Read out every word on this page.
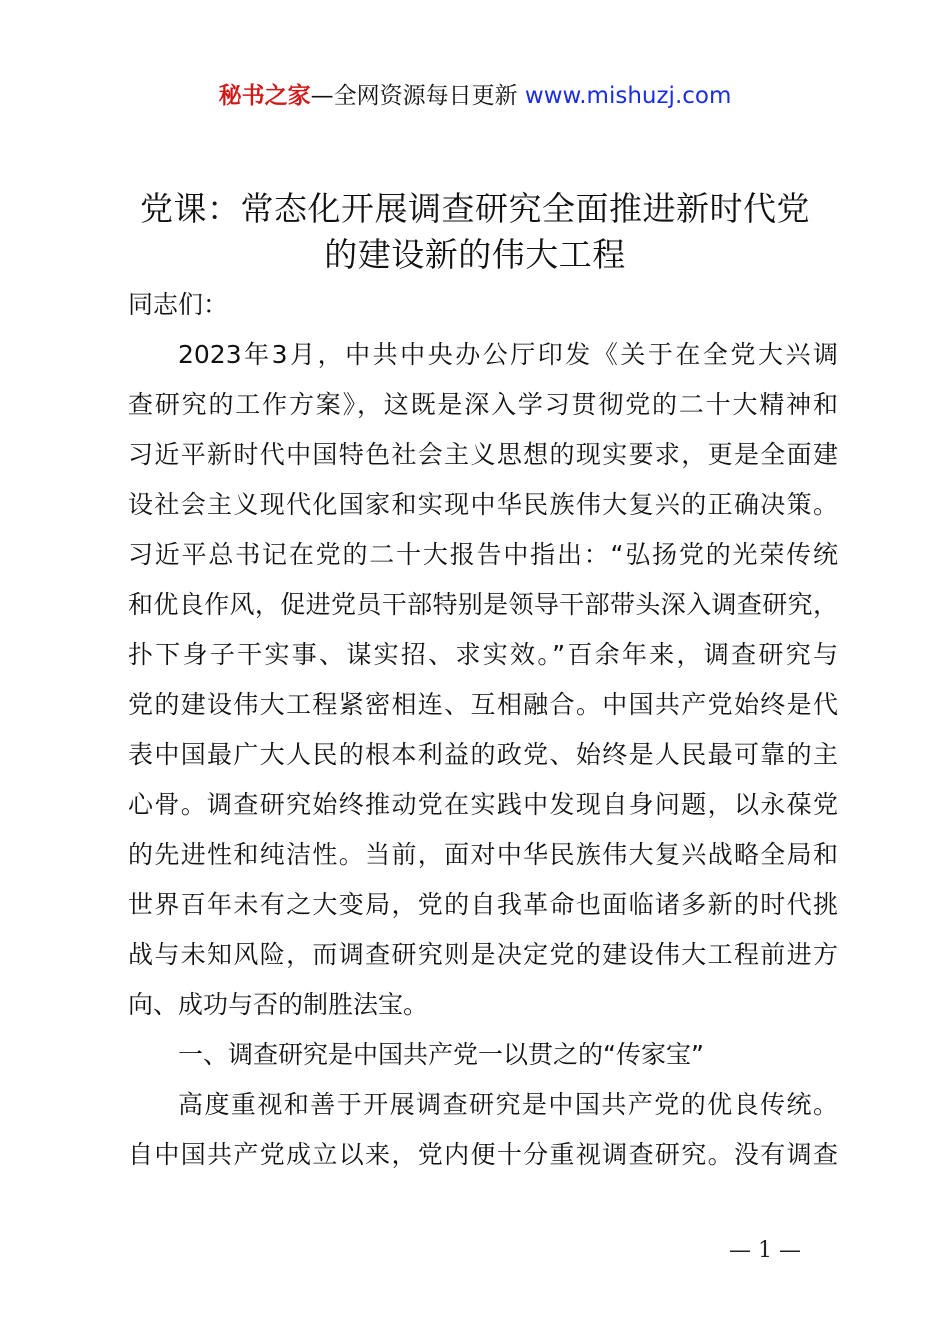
秘书之家—全网资源每日更新 www.mishuzj.com
党课：常态化开展调查研究全面推进新时代党
的建设新的伟大工程
同志们：
2023年3月，中共中央办公厅印发《关于在全党大兴调
查研究的工作方案》，这既是深入学习贯彻党的二十大精神和
习近平新时代中国特色社会主义思想的现实要求，更是全面建
设社会主义现代化国家和实现中华民族伟大复兴的正确决策。
习近平总书记在党的二十大报告中指出：“弘扬党的光荣传统
和优良作风，促进党员干部特别是领导干部带头深入调查研究，
扑下身子干实事、谋实招、求实效。”百余年来，调查研究与
党的建设伟大工程紧密相连、互相融合。中国共产党始终是代
表中国最广大人民的根本利益的政党、始终是人民最可靠的主
心骨。调查研究始终推动党在实践中发现自身问题，以永葆党
的先进性和纯洁性。当前，面对中华民族伟大复兴战略全局和
世界百年未有之大变局，党的自我革命也面临诸多新的时代挑
战与未知风险，而调查研究则是决定党的建设伟大工程前进方
向、成功与否的制胜法宝。
一、调查研究是中国共产党一以贯之的“传家宝”
高度重视和善于开展调查研究是中国共产党的优良传统。
自中国共产党成立以来，党内便十分重视调查研究。没有调查
— 1 —
